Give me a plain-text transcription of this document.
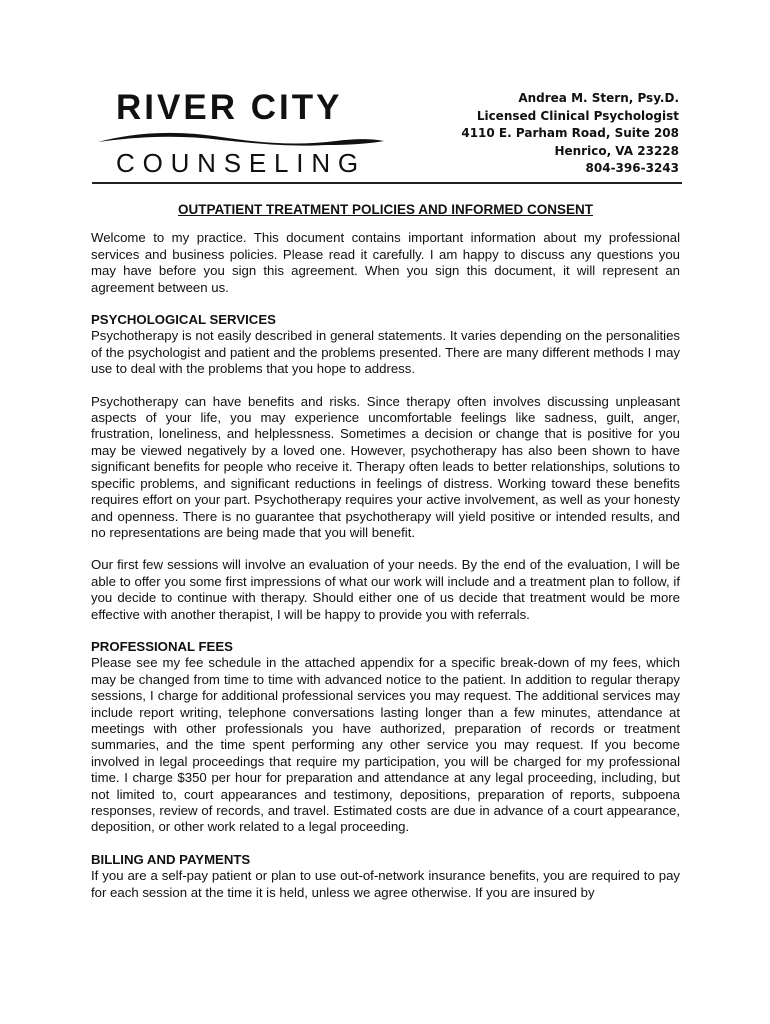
RIVER CITY
COUNSELING
Andrea M. Stern, Psy.D.
Licensed Clinical Psychologist
4110 E. Parham Road, Suite 208
Henrico, VA 23228
804-396-3243
OUTPATIENT TREATMENT POLICIES AND INFORMED CONSENT

Welcome to my practice. This document contains important information about my professional services and business policies. Please read it carefully. I am happy to discuss any questions you may have before you sign this agreement. When you sign this document, it will represent an agreement between us.

PSYCHOLOGICAL SERVICES

Psychotherapy is not easily described in general statements. It varies depending on the personalities of the psychologist and patient and the problems presented. There are many different methods I may use to deal with the problems that you hope to address.

Psychotherapy can have benefits and risks. Since therapy often involves discussing unpleasant aspects of your life, you may experience uncomfortable feelings like sadness, guilt, anger, frustration, loneliness, and helplessness. Sometimes a decision or change that is positive for you may be viewed negatively by a loved one. However, psychotherapy has also been shown to have significant benefits for people who receive it. Therapy often leads to better relationships, solutions to specific problems, and significant reductions in feelings of distress. Working toward these benefits requires effort on your part. Psychotherapy requires your active involvement, as well as your honesty and openness. There is no guarantee that psychotherapy will yield positive or intended results, and no representations are being made that you will benefit.

Our first few sessions will involve an evaluation of your needs. By the end of the evaluation, I will be able to offer you some first impressions of what our work will include and a treatment plan to follow, if you decide to continue with therapy. Should either one of us decide that treatment would be more effective with another therapist, I will be happy to provide you with referrals.

PROFESSIONAL FEES

Please see my fee schedule in the attached appendix for a specific break-down of my fees, which may be changed from time to time with advanced notice to the patient. In addition to regular therapy sessions, I charge for additional professional services you may request. The additional services may include report writing, telephone conversations lasting longer than a few minutes, attendance at meetings with other professionals you have authorized, preparation of records or treatment summaries, and the time spent performing any other service you may request. If you become involved in legal proceedings that require my participation, you will be charged for my professional time. I charge $350 per hour for preparation and attendance at any legal proceeding, including, but not limited to, court appearances and testimony, depositions, preparation of reports, subpoena responses, review of records, and travel. Estimated costs are due in advance of a court appearance, deposition, or other work related to a legal proceeding.

BILLING AND PAYMENTS

If you are a self-pay patient or plan to use out-of-network insurance benefits, you are required to pay for each session at the time it is held, unless we agree otherwise. If you are insured by
